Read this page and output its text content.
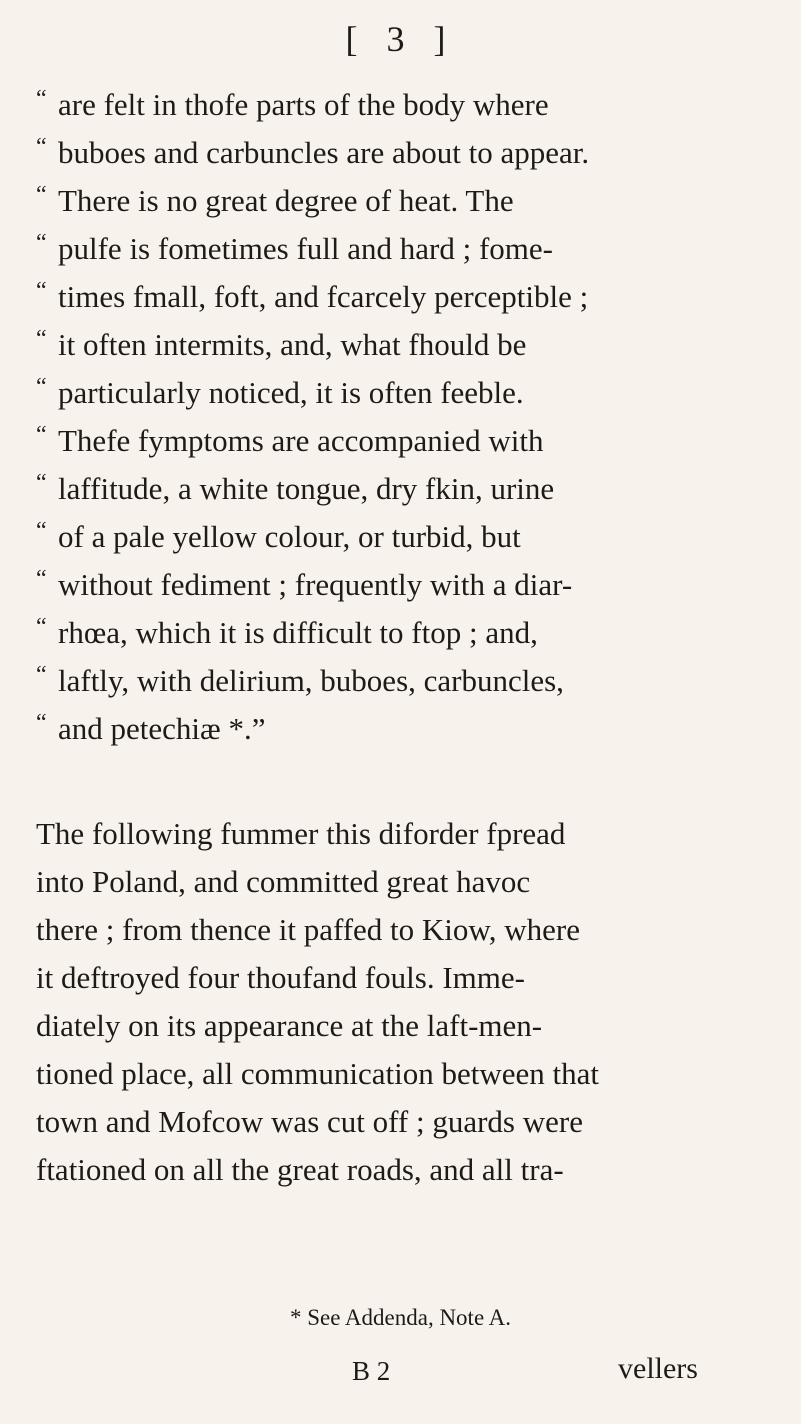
[ 3 ]
“ are felt in thofe parts of the body where
“ buboes and carbuncles are about to appear.
“ There is no great degree of heat. The
“ pulfe is fometimes full and hard ; fome-
“ times fmall, foft, and fcarcely perceptible ;
“ it often intermits, and, what fhould be
“ particularly noticed, it is often feeble.
“ Thefe fymptoms are accompanied with
“ laffitude, a white tongue, dry fkin, urine
“ of a pale yellow colour, or turbid, but
“ without fediment ; frequently with a diar-
“ rhœa, which it is difficult to ftop ; and,
“ laftly, with delirium, buboes, carbuncles,
“ and petechiæ *.”
The following fummer this diforder fpread
into Poland, and committed great havoc
there ; from thence it paffed to Kiow, where
it deftroyed four thoufand fouls. Imme-
diately on its appearance at the laft-men-
tioned place, all communication between that
town and Mofcow was cut off ; guards were
ftationed on all the great roads, and all tra-
* See Addenda, Note A.
B 2	vellers
